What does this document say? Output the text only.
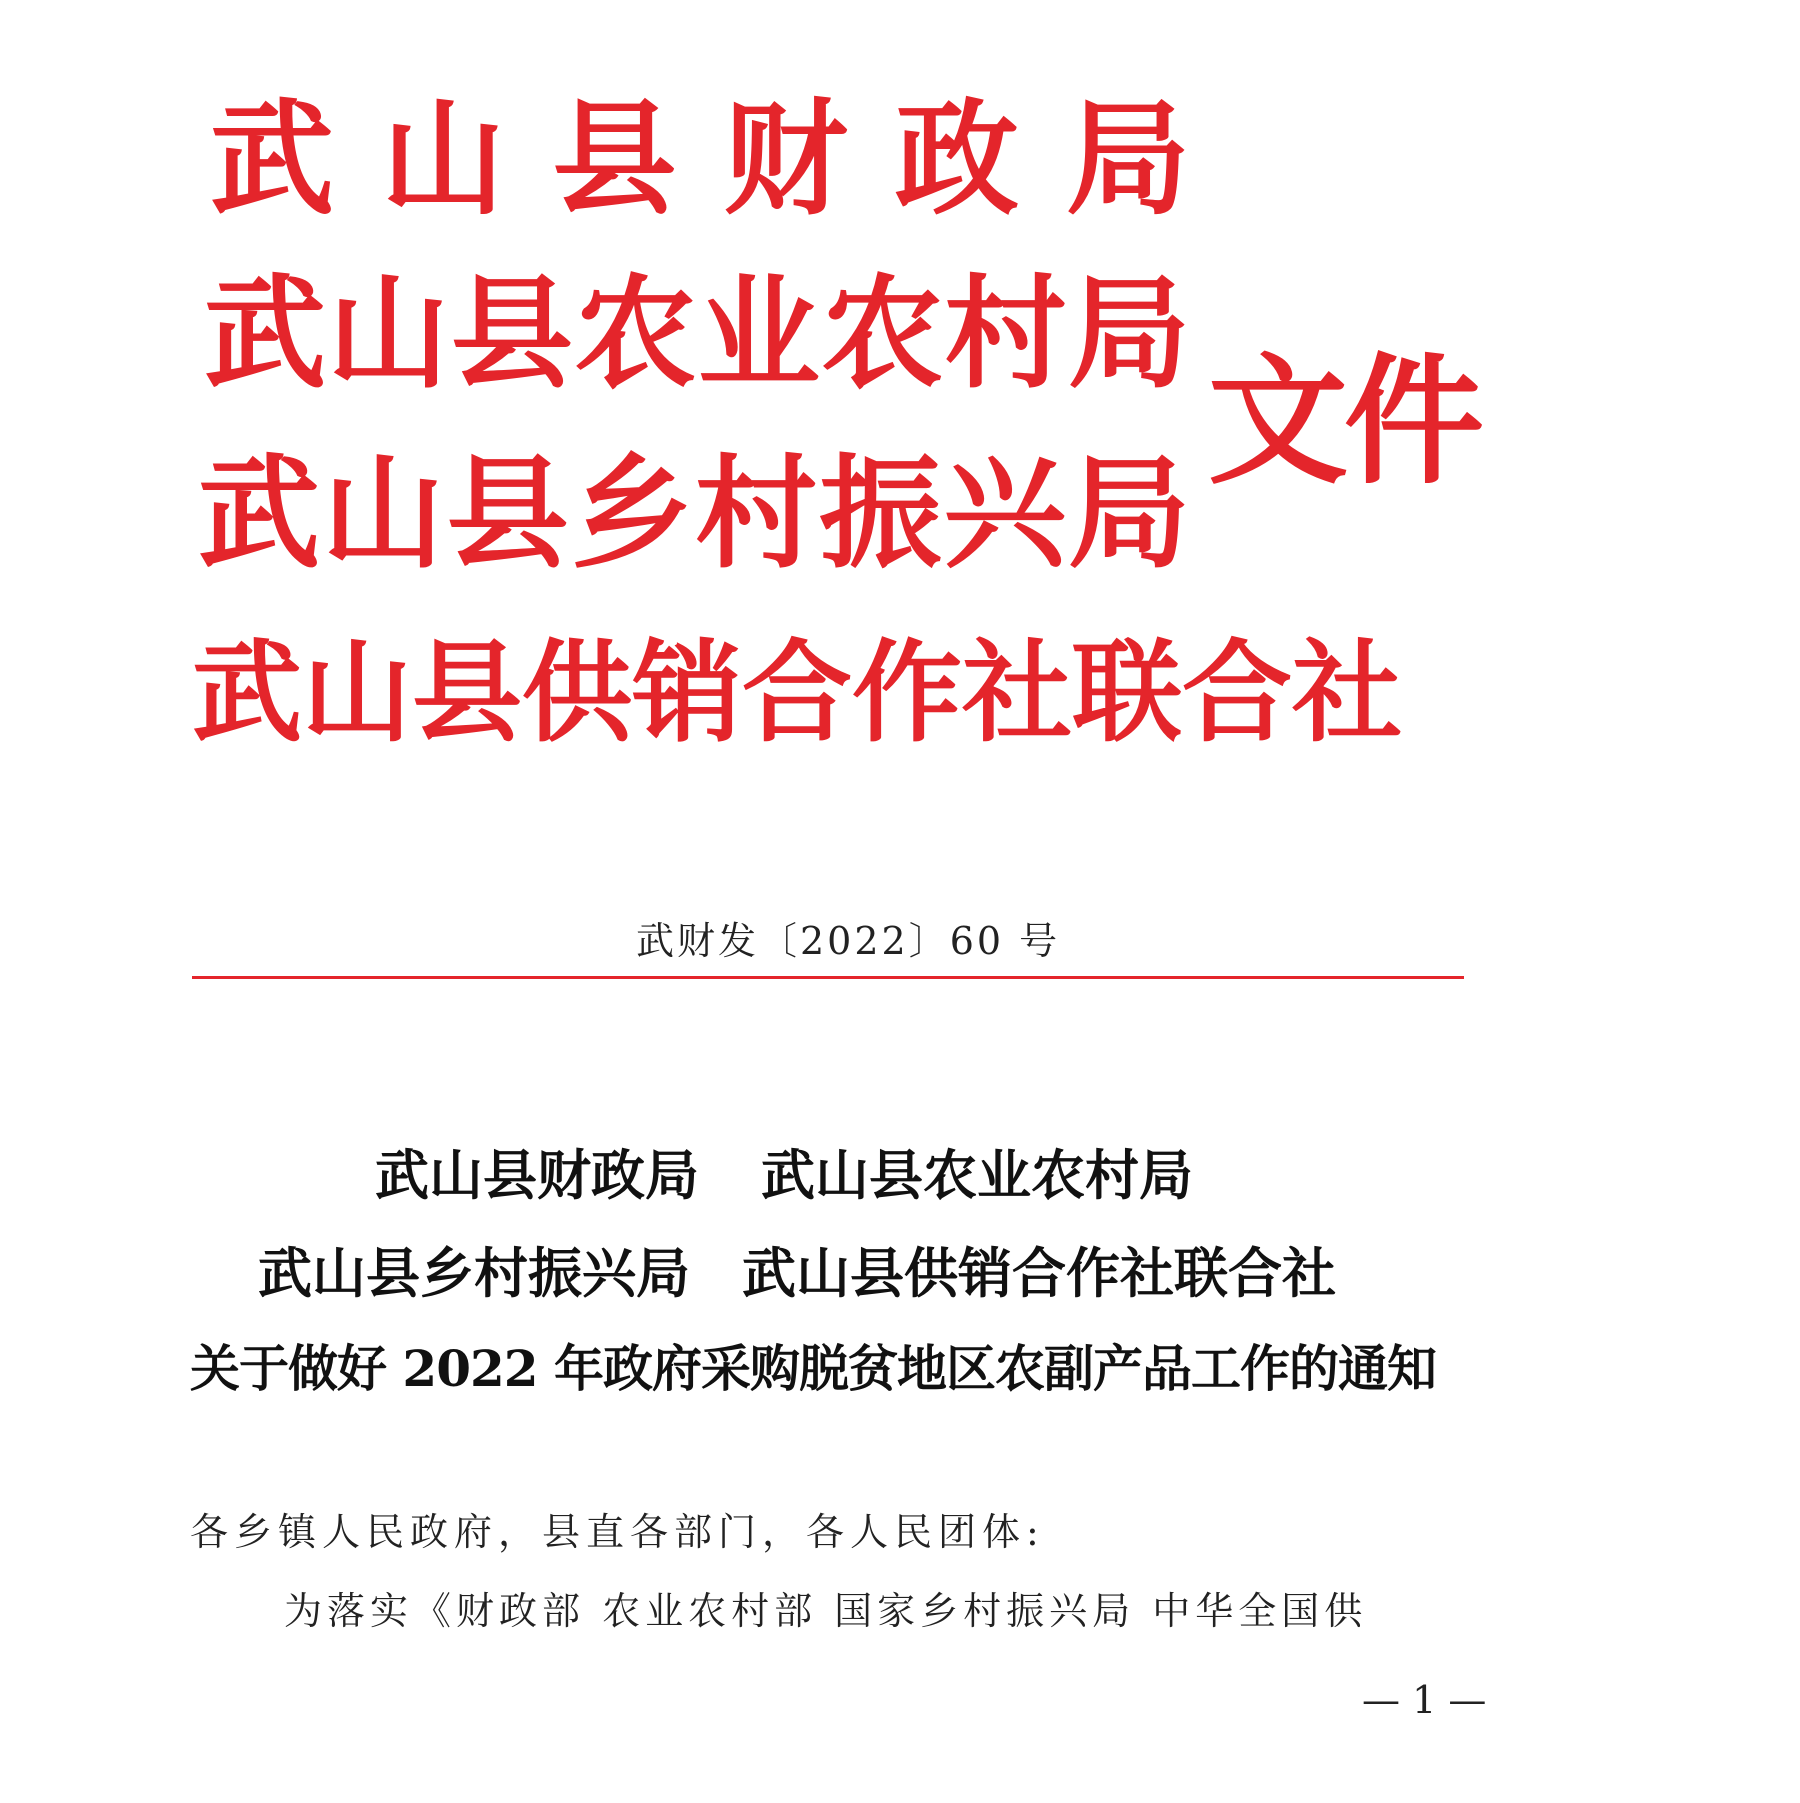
武 山 县 财 政 局
武 山 县 农 业 农 村 局
武 山 县 乡 村 振 兴 局
武 山 县 供 销 合 作 社 联 合 社
文件
武财发〔2022〕60 号
武山县财政局 武山县农业农村局
武山县乡村振兴局 武山县供销合作社联合社
关于做好 2022 年政府采购脱贫地区农副产品工作的通知
各乡镇人民政府，县直各部门，各人民团体:
为落实《财政部 农业农村部 国家乡村振兴局 中华全国供
— 1 —
